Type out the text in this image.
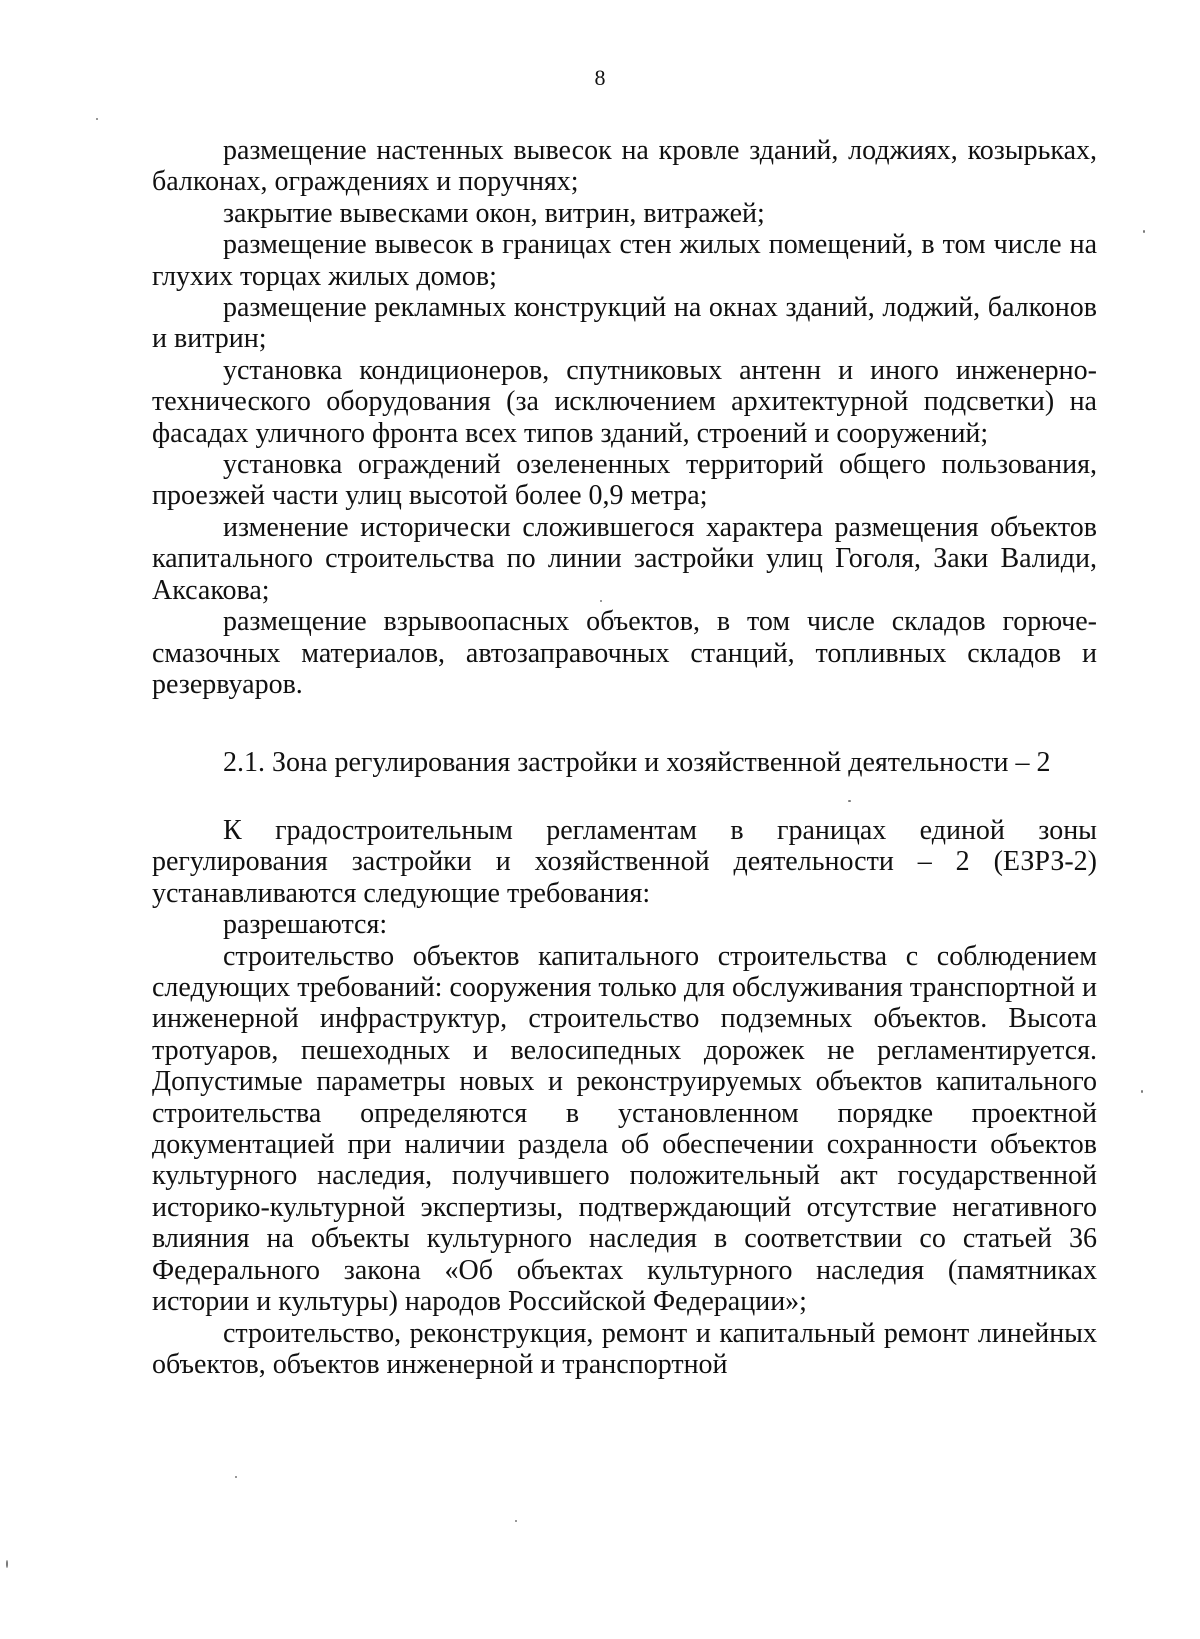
8

размещение настенных вывесок на кровле зданий, лоджиях, козырьках, балконах, ограждениях и поручнях;

закрытие вывесками окон, витрин, витражей;

размещение вывесок в границах стен жилых помещений, в том числе на глухих торцах жилых домов;

размещение рекламных конструкций на окнах зданий, лоджий, балконов и витрин;

установка кондиционеров, спутниковых антенн и иного инженерно-технического оборудования (за исключением архитектурной подсветки) на фасадах уличного фронта всех типов зданий, строений и сооружений;

установка ограждений озелененных территорий общего пользования, проезжей части улиц высотой более 0,9 метра;

изменение исторически сложившегося характера размещения объектов капитального строительства по линии застройки улиц Гоголя, Заки Валиди, Аксакова;

размещение взрывоопасных объектов, в том числе складов горюче-смазочных материалов, автозаправочных станций, топливных складов и резервуаров.

2.1. Зона регулирования застройки и хозяйственной деятельности – 2

К градостроительным регламентам в границах единой зоны регулирования застройки и хозяйственной деятельности – 2 (ЕЗРЗ-2) устанавливаются следующие требования:

разрешаются:

строительство объектов капитального строительства с соблюдением следующих требований: сооружения только для обслуживания транспортной и инженерной инфраструктур, строительство подземных объектов. Высота тротуаров, пешеходных и велосипедных дорожек не регламентируется. Допустимые параметры новых и реконструируемых объектов капитального строительства определяются в установленном порядке проектной документацией при наличии раздела об обеспечении сохранности объектов культурного наследия, получившего положительный акт государственной историко-культурной экспертизы, подтверждающий отсутствие негативного влияния на объекты культурного наследия в соответствии со статьей 36 Федерального закона «Об объектах культурного наследия (памятниках истории и культуры) народов Российской Федерации»;

строительство, реконструкция, ремонт и капитальный ремонт линейных объектов, объектов инженерной и транспортной
